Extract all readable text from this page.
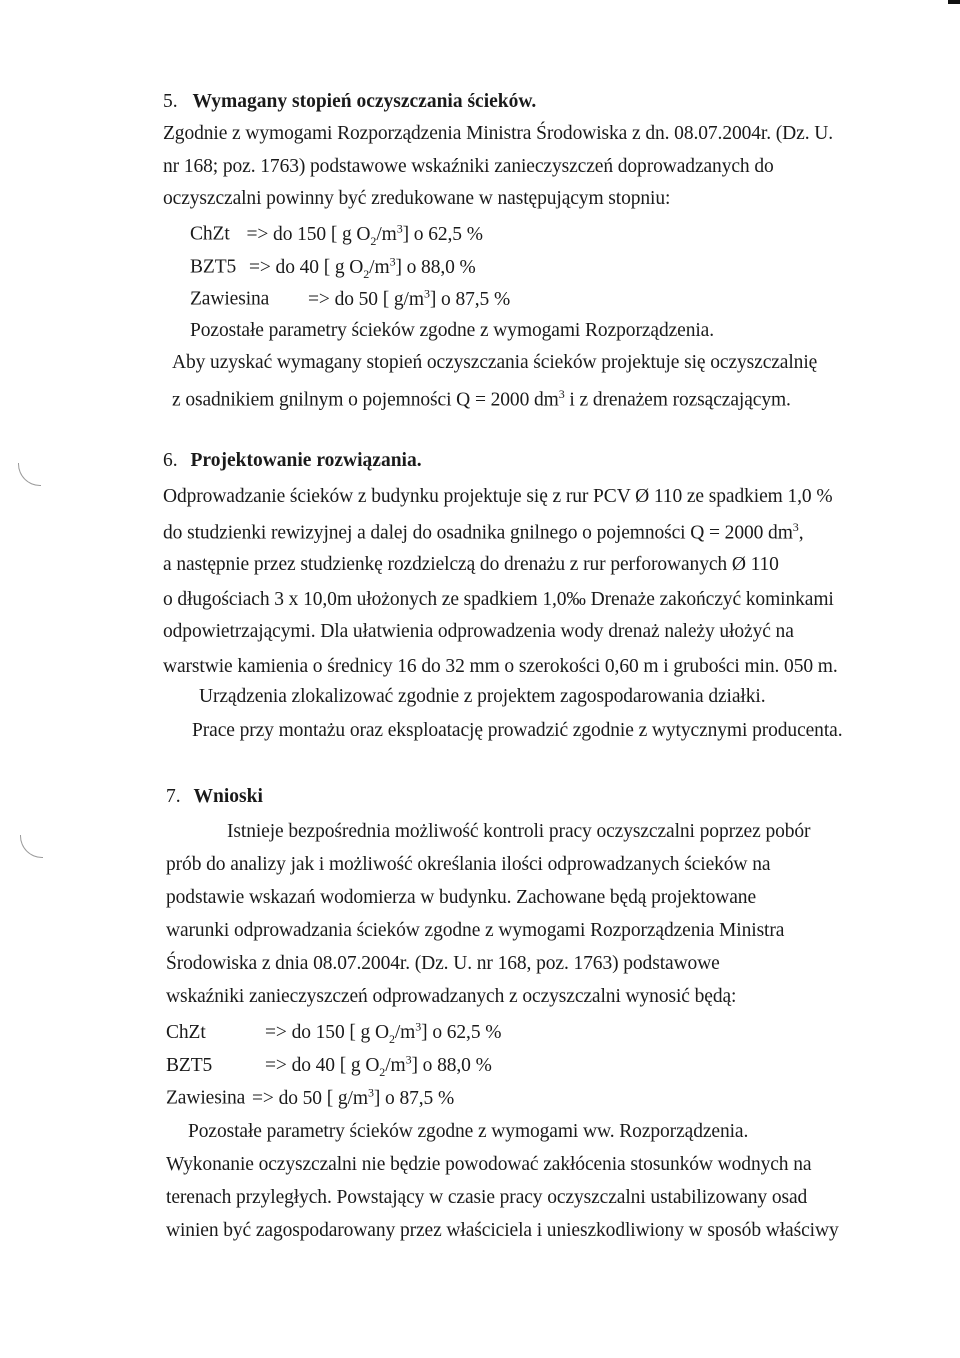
5. Wymagany stopień oczyszczania ścieków.
Zgodnie z wymogami Rozporządzenia Ministra Środowiska z dn. 08.07.2004r. (Dz. U.
nr 168; poz. 1763) podstawowe wskaźniki zanieczyszczeń doprowadzanych do
oczyszczalni powinny być zredukowane w następującym stopniu:
ChZt => do 150 [ g $O_2/m^3$] o 62,5 %
BZT5 => do 40 [ g $O_2/m^3$] o 88,0 %
Zawiesina => do 50 [ $g/m^3$] o 87,5 %
Pozostałe parametry ścieków zgodne z wymogami Rozporządzenia.
Aby uzyskać wymagany stopień oczyszczania ścieków projektuje się oczyszczalnię
z osadnikiem gnilnym o pojemności Q = 2000 $dm^3$ i z drenażem rozsączającym.
6. Projektowanie rozwiązania.
Odprowadzanie ścieków z budynku projektuje się z rur PCV Ø 110 ze spadkiem 1,0 %
do studzienki rewizyjnej a dalej do osadnika gnilnego o pojemności Q = 2000 $dm^3$,
a następnie przez studzienkę rozdzielczą do drenażu z rur perforowanych Ø 110
o długościach 3 x 10,0m ułożonych ze spadkiem 1,0‰ Drenaże zakończyć kominkami
odpowietrzającymi. Dla ułatwienia odprowadzenia wody drenaż należy ułożyć na
warstwie kamienia o średnicy 16 do 32 mm o szerokości 0,60 m i grubości min. 050 m.
Urządzenia zlokalizować zgodnie z projektem zagospodarowania działki.
Prace przy montażu oraz eksploatację prowadzić zgodnie z wytycznymi producenta.
7. Wnioski
Istnieje bezpośrednia możliwość kontroli pracy oczyszczalni poprzez pobór
prób do analizy jak i możliwość określania ilości odprowadzanych ścieków na
podstawie wskazań wodomierza w budynku. Zachowane będą projektowane
warunki odprowadzania ścieków zgodne z wymogami Rozporządzenia Ministra
Środowiska z dnia 08.07.2004r. (Dz. U. nr 168, poz. 1763) podstawowe
wskaźniki zanieczyszczeń odprowadzanych z oczyszczalni wynosić będą:
ChZt	=> do 150 [ g $O_2/m^3$] o 62,5 %
BZT5	=> do 40 [ g $O_2/m^3$] o 88,0 %
Zawiesina => do 50 [ $g/m^3$] o 87,5 %
Pozostałe parametry ścieków zgodne z wymogami ww. Rozporządzenia.
Wykonanie oczyszczalni nie będzie powodować zakłócenia stosunków wodnych na
terenach przyległych. Powstający w czasie pracy oczyszczalni ustabilizowany osad
winien być zagospodarowany przez właściciela i unieszkodliwiony w sposób właściwy
